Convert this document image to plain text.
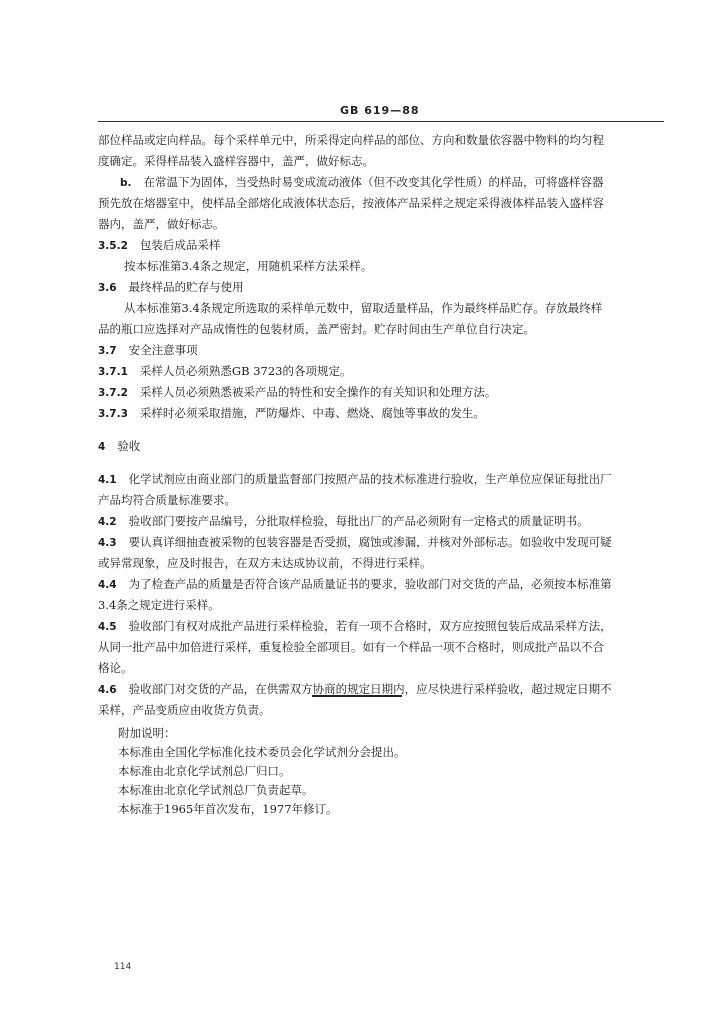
GB 619—88
部位样品或定向样品。每个采样单元中，所采得定向样品的部位、方向和数量依容器中物料的均匀程
度确定。采得样品装入盛样容器中，盖严，做好标志。
b. 在常温下为固体，当受热时易变成流动液体（但不改变其化学性质）的样品，可将盛样容器
预先放在熔器室中，使样品全部熔化成液体状态后，按液体产品采样之规定采得液体样品装入盛样容
器内，盖严，做好标志。
3.5.2 包装后成品采样
按本标准第3.4条之规定，用随机采样方法采样。
3.6 最终样品的贮存与使用
从本标准第3.4条规定所选取的采样单元数中，留取适量样品，作为最终样品贮存。存放最终样
品的瓶口应选择对产品成惰性的包装材质，盖严密封。贮存时间由生产单位自行决定。
3.7 安全注意事项
3.7.1 采样人员必须熟悉GB 3723的各项规定。
3.7.2 采样人员必须熟悉被采产品的特性和安全操作的有关知识和处理方法。
3.7.3 采样时必须采取措施，严防爆炸、中毒、燃烧、腐蚀等事故的发生。
4 验收
4.1 化学试剂应由商业部门的质量监督部门按照产品的技术标准进行验收，生产单位应保证每批出厂
产品均符合质量标准要求。
4.2 验收部门要按产品编号，分批取样检验，每批出厂的产品必须附有一定格式的质量证明书。
4.3 要认真详细抽查被采物的包装容器是否受损，腐蚀或渗漏，并核对外部标志。如验收中发现可疑
或异常现象，应及时报告，在双方未达成协议前，不得进行采样。
4.4 为了检查产品的质量是否符合该产品质量证书的要求，验收部门对交货的产品，必须按本标准第
3.4条之规定进行采样。
4.5 验收部门有权对成批产品进行采样检验，若有一项不合格时，双方应按照包装后成品采样方法，
从同一批产品中加倍进行采样，重复检验全部项目。如有一个样品一项不合格时，则成批产品以不合
格论。
4.6 验收部门对交货的产品，在供需双方协商的规定日期内，应尽快进行采样验收，超过规定日期不
采样，产品变质应由收货方负责。
附加说明：
本标准由全国化学标准化技术委员会化学试剂分会提出。
本标准由北京化学试剂总厂归口。
本标准由北京化学试剂总厂负责起草。
本标准于1965年首次发布，1977年修订。
114
